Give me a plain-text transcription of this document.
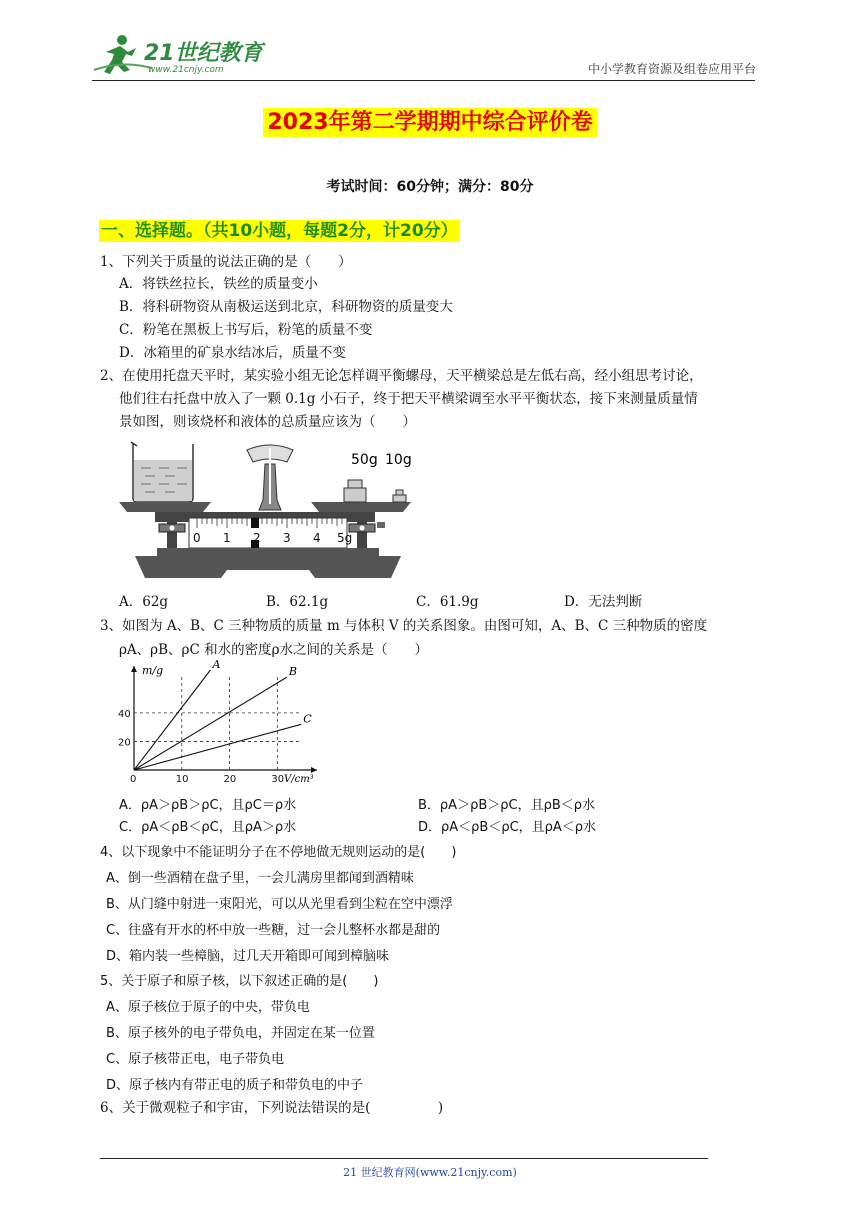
21世纪教育
www.21cnjy.com	中小学教育资源及组卷应用平台
2023年第二学期期中综合评价卷
考试时间：60分钟；满分：80分
一、选择题。（共10小题，每题2分，计20分）
1、下列关于质量的说法正确的是（　　）
A．将铁丝拉长，铁丝的质量变小
B．将科研物资从南极运送到北京，科研物资的质量变大
C．粉笔在黑板上书写后，粉笔的质量不变
D．冰箱里的矿泉水结冰后，质量不变
2、在使用托盘天平时，某实验小组无论怎样调平衡螺母，天平横梁总是左低右高，经小组思考讨论，
他们往右托盘中放入了一颗 0.1g 小石子，终于把天平横梁调至水平平衡状态，接下来测量质量情
景如图，则该烧杯和液体的总质量应该为（　　）
50g 10g
0 1 2 3 4 5g
A．62g	B．62.1g	C．61.9g	D．无法判断
3、如图为 A、B、C 三种物质的质量 m 与体积 V 的关系图象。由图可知，A、B、C 三种物质的密度
ρA、ρB、ρC 和水的密度ρ水之间的关系是（　　）
A
B
C
0	10	20	30
20
40
m/g
V/cm³
A．ρA＞ρB＞ρC，且ρC＝ρ水	B．ρA＞ρB＞ρC，且ρB＜ρ水
C．ρA＜ρB＜ρC，且ρA＞ρ水	D．ρA＜ρB＜ρC，且ρA＜ρ水
4、以下现象中不能证明分子在不停地做无规则运动的是(　　)
A、倒一些酒精在盘子里，一会儿满房里都闻到酒精味
B、从门缝中射进一束阳光，可以从光里看到尘粒在空中漂浮
C、往盛有开水的杯中放一些糖，过一会儿整杯水都是甜的
D、箱内装一些樟脑，过几天开箱即可闻到樟脑味
5、关于原子和原子核，以下叙述正确的是(　　)
A、原子核位于原子的中央，带负电
B、原子核外的电子带负电，并固定在某一位置
C、原子核带正电，电子带负电
D、原子核内有带正电的质子和带负电的中子
6、关于微观粒子和宇宙，下列说法错误的是(　　　　　)
21 世纪教育网(www.21cnjy.com)
